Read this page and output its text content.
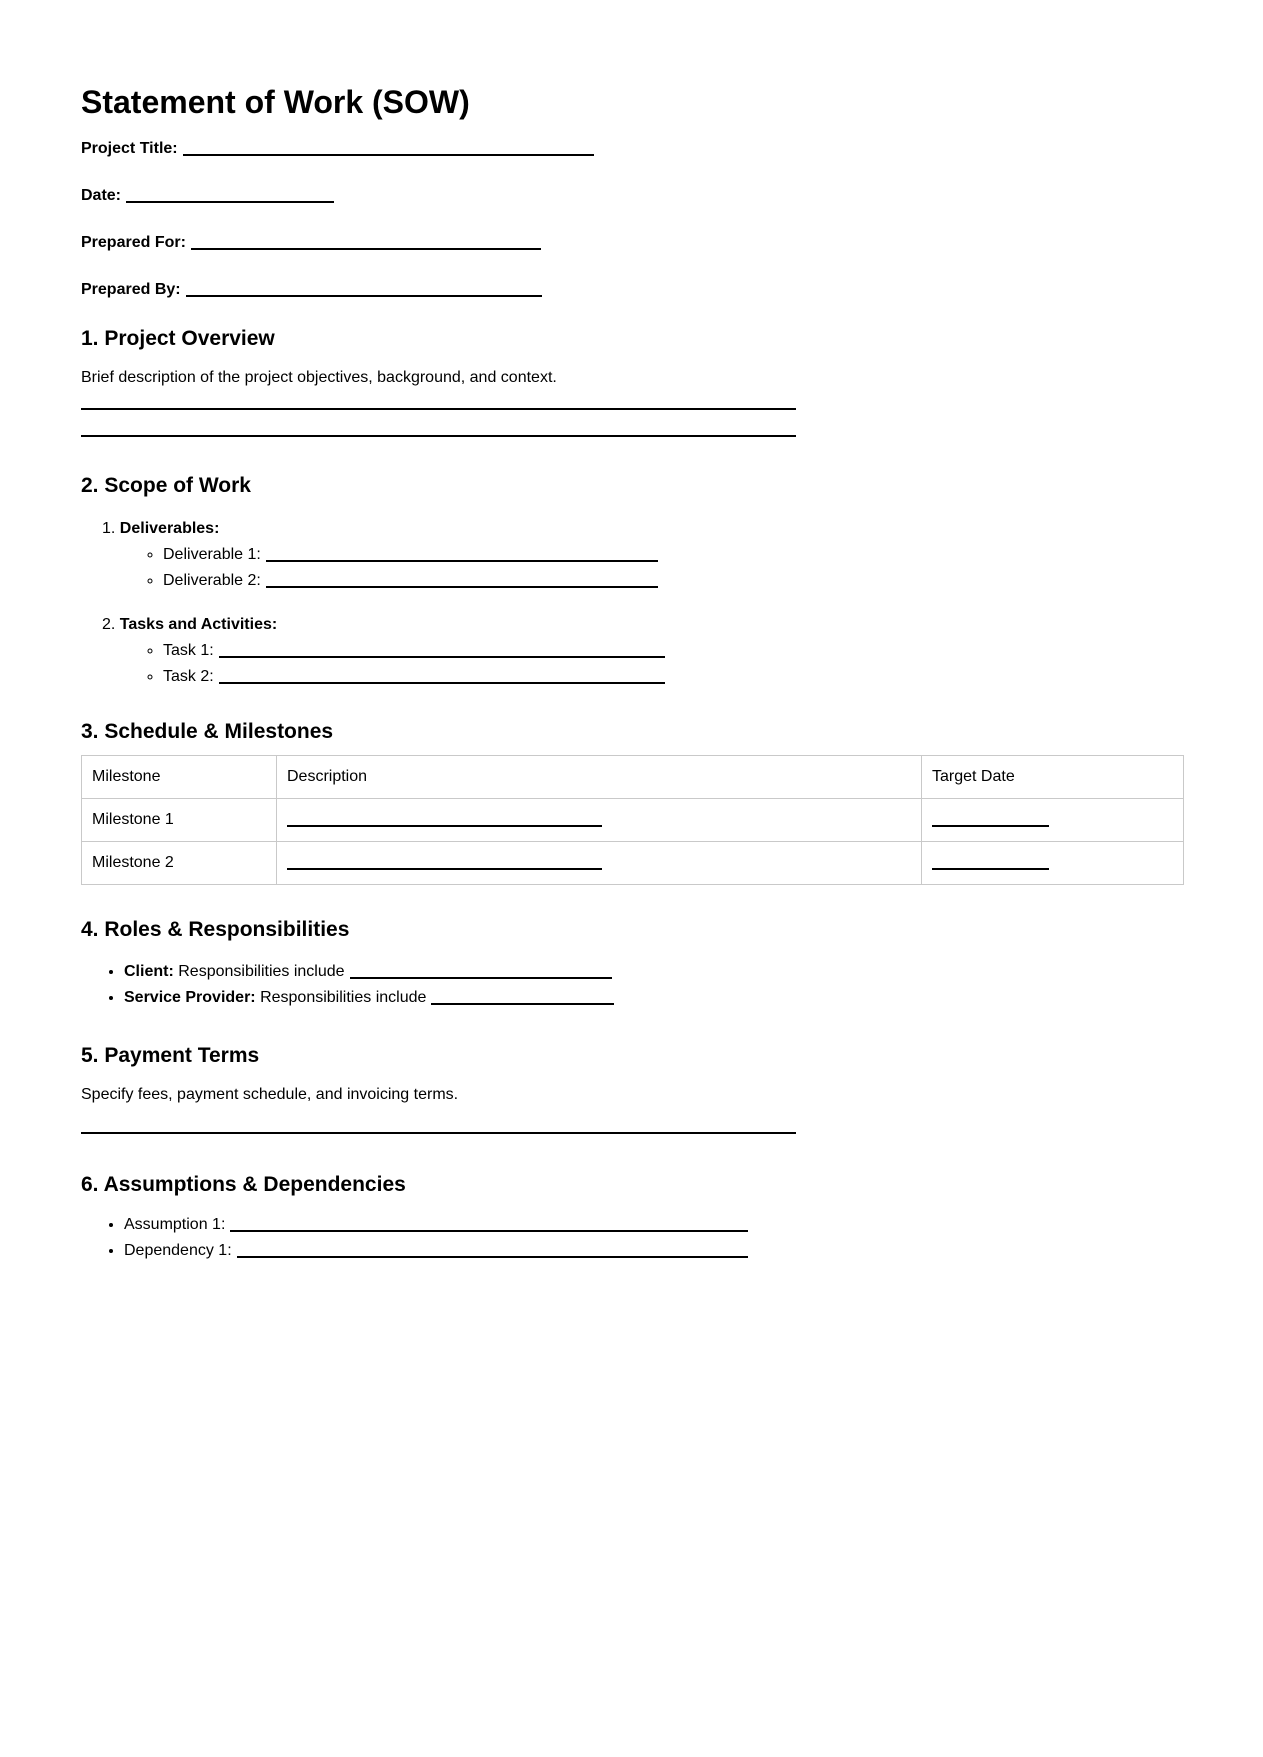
Statement of Work (SOW)
Project Title:
Date:
Prepared For:
Prepared By:
1. Project Overview

Brief description of the project objectives, background, and context.

2. Scope of Work
1. Deliverables:
◦ Deliverable 1:
◦ Deliverable 2:
2. Tasks and Activities:
◦ Task 1:
◦ Task 2:
3. Schedule & Milestones
Milestone	Description	Target Date
Milestone 1		
Milestone 2		
4. Roles & Responsibilities
• Client: Responsibilities include
• Service Provider: Responsibilities include
5. Payment Terms

Specify fees, payment schedule, and invoicing terms.

6. Assumptions & Dependencies
• Assumption 1:
• Dependency 1:
